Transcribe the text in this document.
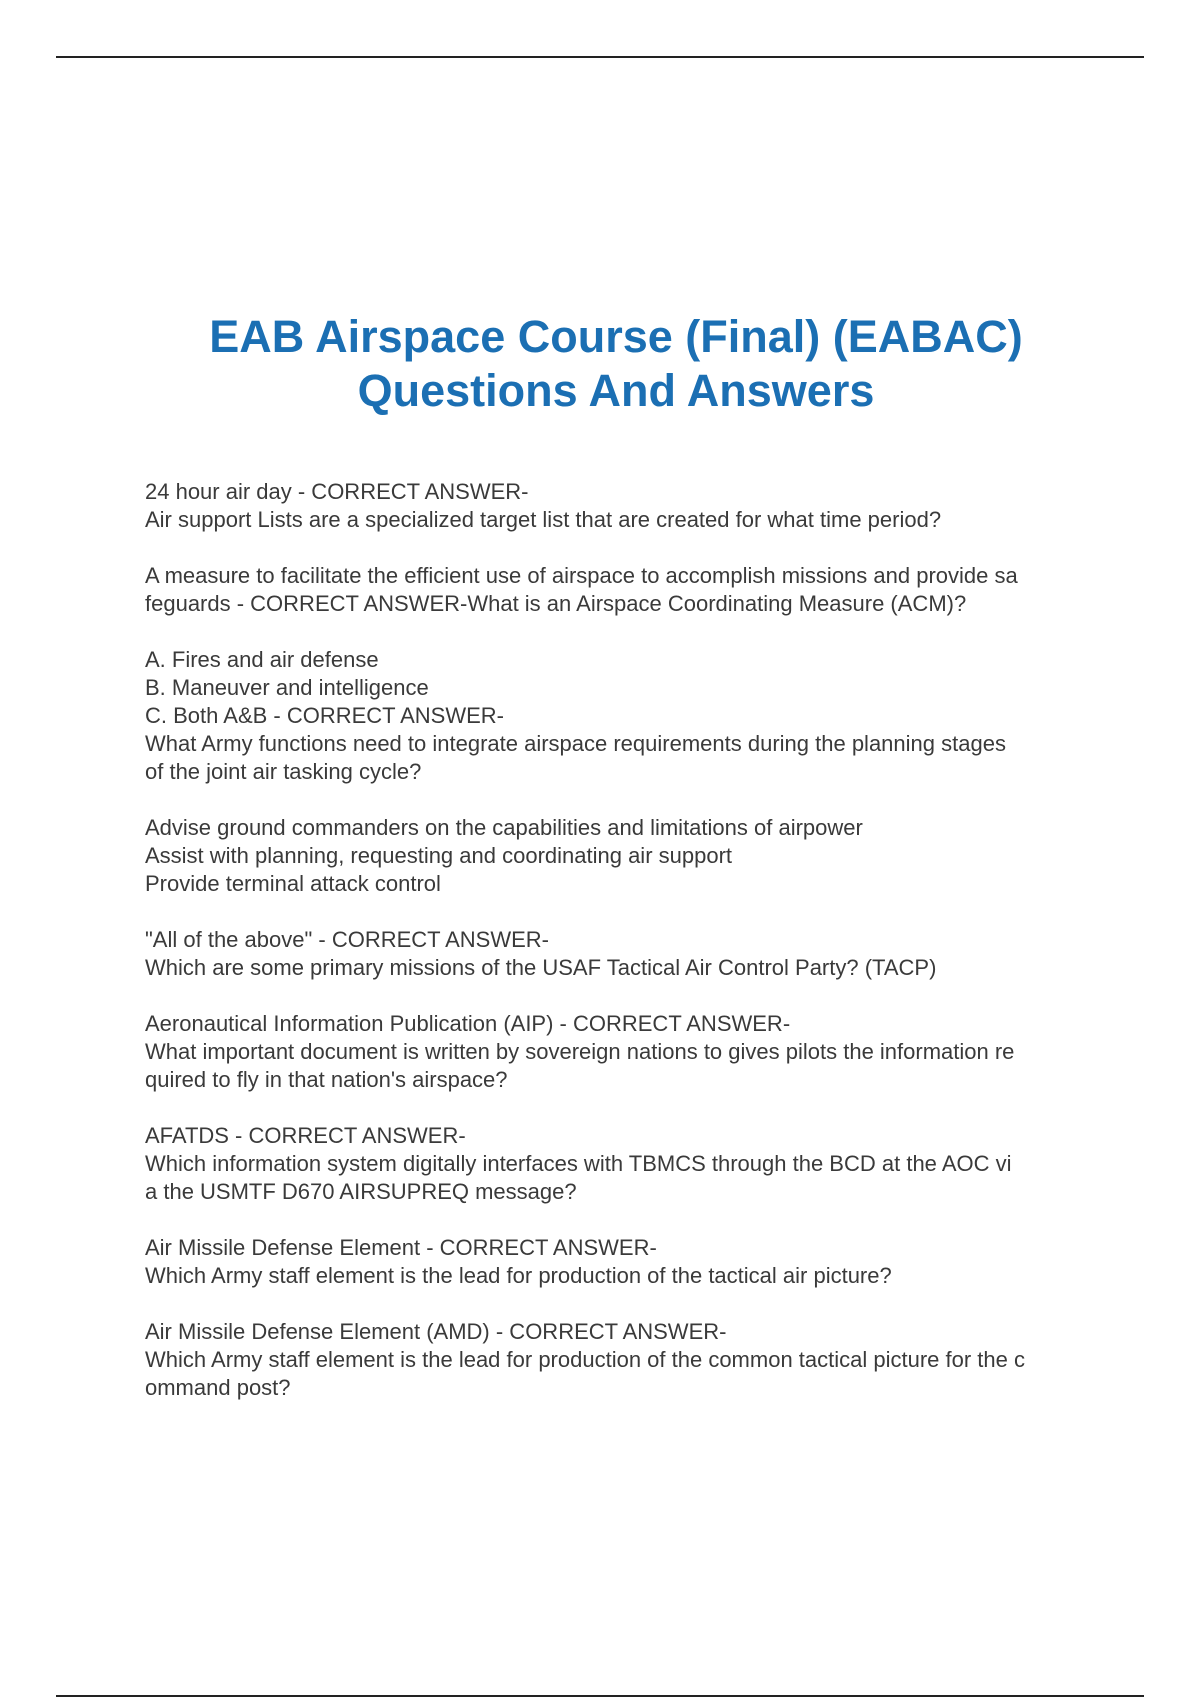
EAB Airspace Course (Final) (EABAC)
Questions And Answers
24 hour air day - CORRECT ANSWER-
Air support Lists are a specialized target list that are created for what time period?
A measure to facilitate the efficient use of airspace to accomplish missions and provide sa
feguards - CORRECT ANSWER-What is an Airspace Coordinating Measure (ACM)?
A. Fires and air defense
B. Maneuver and intelligence
C. Both A&B - CORRECT ANSWER-
What Army functions need to integrate airspace requirements during the planning stages
of the joint air tasking cycle?
Advise ground commanders on the capabilities and limitations of airpower
Assist with planning, requesting and coordinating air support
Provide terminal attack control
"All of the above" - CORRECT ANSWER-
Which are some primary missions of the USAF Tactical Air Control Party? (TACP)
Aeronautical Information Publication (AIP) - CORRECT ANSWER-
What important document is written by sovereign nations to gives pilots the information re
quired to fly in that nation's airspace?
AFATDS - CORRECT ANSWER-
Which information system digitally interfaces with TBMCS through the BCD at the AOC vi
a the USMTF D670 AIRSUPREQ message?
Air Missile Defense Element - CORRECT ANSWER-
Which Army staff element is the lead for production of the tactical air picture?
Air Missile Defense Element (AMD) - CORRECT ANSWER-
Which Army staff element is the lead for production of the common tactical picture for the c
ommand post?
